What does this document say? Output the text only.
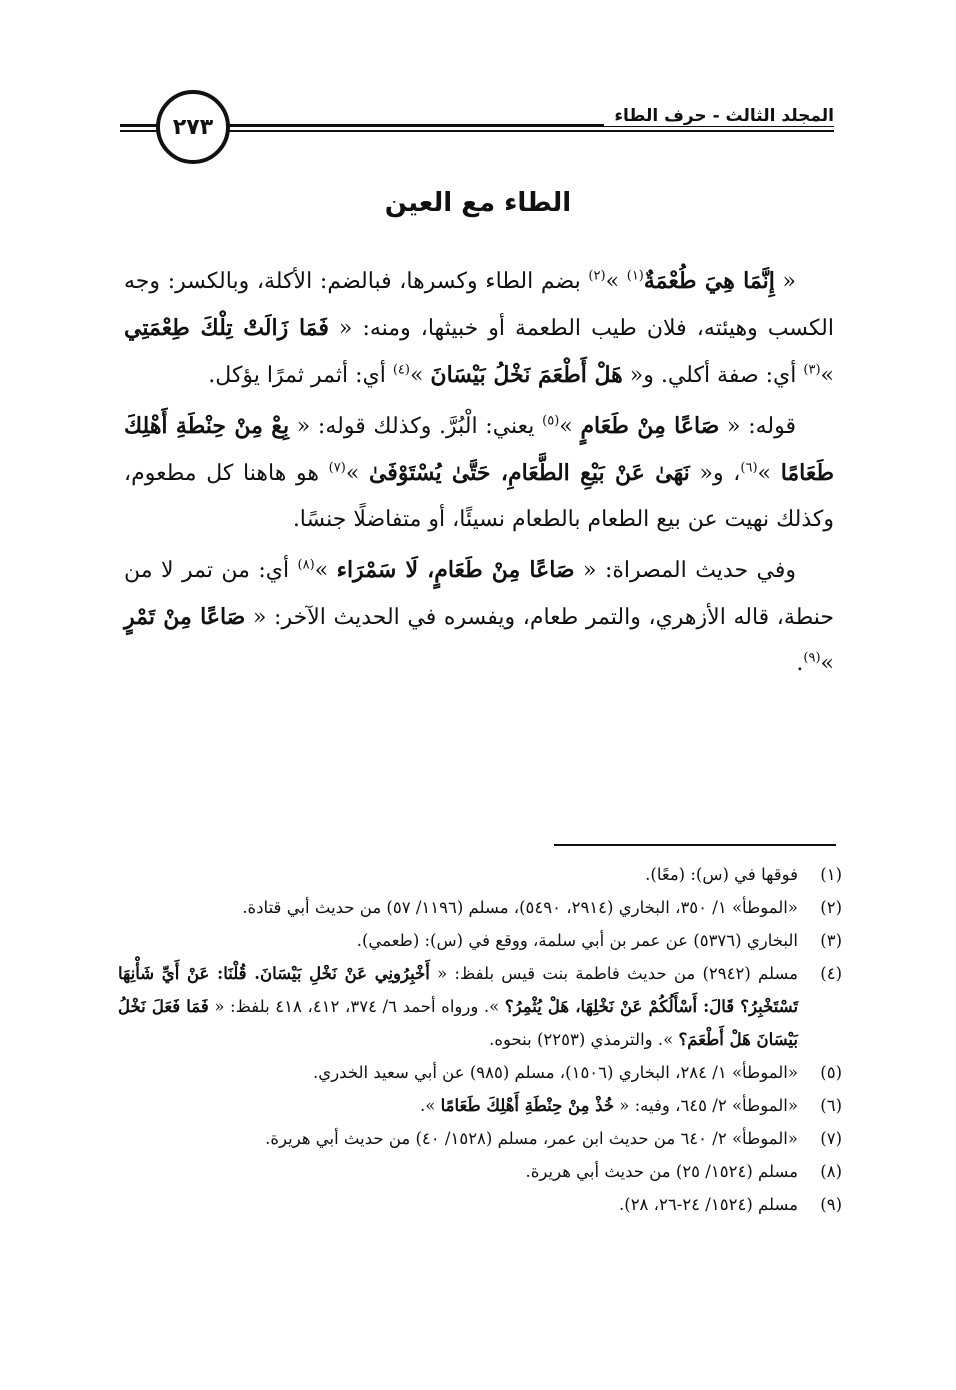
المجلد الثالث - حرف الطاء
٢٧٣
الطاء مع العين

« إِنَّمَا هِيَ طُعْمَةٌ$^{(١)}$ »$^{(٢)}$ بضم الطاء وكسرها، فبالضم: الأكلة، وبالكسر: وجه الكسب وهيئته، فلان طيب الطعمة أو خبيثها، ومنه: « فَمَا زَالَتْ تِلْكَ طِعْمَتِي »$^{(٣)}$ أي: صفة أكلي. و« هَلْ أَطْعَمَ نَخْلُ بَيْسَانَ »$^{(٤)}$ أي: أثمر ثمرًا يؤكل.

قوله: « صَاعًا مِنْ طَعَامٍ »$^{(٥)}$ يعني: الْبُرَّ. وكذلك قوله: « بِعْ مِنْ حِنْطَةِ أَهْلِكَ طَعَامًا »$^{(٦)}$، و« نَهَىٰ عَنْ بَيْعِ الطَّعَامِ، حَتَّىٰ يُسْتَوْفَىٰ »$^{(٧)}$ هو هاهنا كل مطعوم، وكذلك نهيت عن بيع الطعام بالطعام نسيئًا، أو متفاضلًا جنسًا.

وفي حديث المصراة: « صَاعًا مِنْ طَعَامٍ، لَا سَمْرَاء »$^{(٨)}$ أي: من تمر لا من حنطة، قاله الأزهري، والتمر طعام، ويفسره في الحديث الآخر: « صَاعًا مِنْ تَمْرٍ »$^{(٩)}$.

(١)
فوقها في (س): (معًا).
(٢)
«الموطأ» ١/ ٣٥٠، البخاري (٢٩١٤، ٥٤٩٠)، مسلم (١١٩٦/ ٥٧) من حديث أبي قتادة.
(٣)
البخاري (٥٣٧٦) عن عمر بن أبي سلمة، ووقع في (س): (طعمي).
(٤)
مسلم (٢٩٤٢) من حديث فاطمة بنت قيس بلفظ: « أَخْبِرُونِي عَنْ نَخْلِ بَيْسَانَ. قُلْنَا: عَنْ أَيِّ شَأْنِهَا تَسْتَخْبِرُ؟ قَالَ: أَسْأَلُكُمْ عَنْ نَخْلِهَا، هَلْ يُثْمِرُ؟ ». ورواه أحمد ٦/ ٣٧٤، ٤١٢، ٤١٨ بلفظ: « فَمَا فَعَلَ نَخْلُ بَيْسَانَ هَلْ أَطْعَمَ؟ ». والترمذي (٢٢٥٣) بنحوه.
(٥)
«الموطأ» ١/ ٢٨٤، البخاري (١٥٠٦)، مسلم (٩٨٥) عن أبي سعيد الخدري.
(٦)
«الموطأ» ٢/ ٦٤٥، وفيه: « خُذْ مِنْ حِنْطَةِ أَهْلِكَ طَعَامًا ».
(٧)
«الموطأ» ٢/ ٦٤٠ من حديث ابن عمر، مسلم (١٥٢٨/ ٤٠) من حديث أبي هريرة.
(٨)
مسلم (١٥٢٤/ ٢٥) من حديث أبي هريرة.
(٩)
مسلم (١٥٢٤/ ٢٤-٢٦، ٢٨).
